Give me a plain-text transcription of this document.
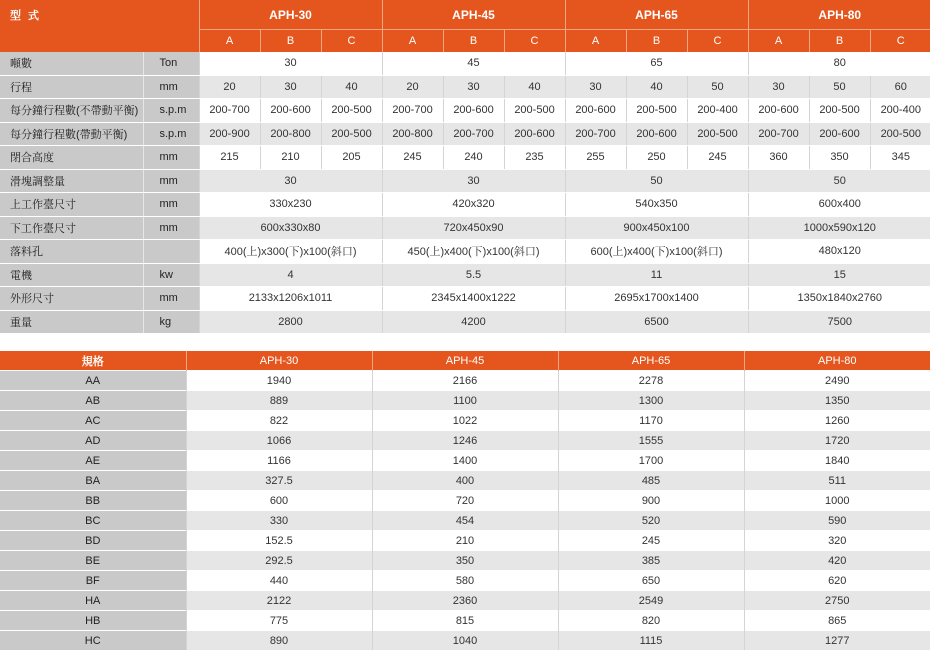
型 式		APH-30			APH-45			APH-65			APH-80		
		A	B	C	A	B	C	A	B	C	A	B	C
噸數	Ton	30			45			65			80		
行程	mm	20	30	40	20	30	40	30	40	50	30	50	60
每分鐘行程數(不帶動平衡)	s.p.m	200-700	200-600	200-500	200-700	200-600	200-500	200-600	200-500	200-400	200-600	200-500	200-400
每分鐘行程數(帶動平衡)	s.p.m	200-900	200-800	200-500	200-800	200-700	200-600	200-700	200-600	200-500	200-700	200-600	200-500
閉合高度	mm	215	210	205	245	240	235	255	250	245	360	350	345
滑塊調整量	mm	30			30			50			50		
上工作臺尺寸	mm	330x230			420x320			540x350			600x400		
下工作臺尺寸	mm	600x330x80			720x450x90			900x450x100			1000x590x120		
落料孔		400(上)x300(下)x100(斜口)			450(上)x400(下)x100(斜口)			600(上)x400(下)x100(斜口)			480x120		
電機	kw	4			5.5			11			15		
外形尺寸	mm	2133x1206x1011			2345x1400x1222			2695x1700x1400			1350x1840x2760		
重量	kg	2800			4200			6500			7500		
規格	APH-30	APH-45	APH-65	APH-80
AA	1940	2166	2278	2490
AB	889	1100	1300	1350
AC	822	1022	1170	1260
AD	1066	1246	1555	1720
AE	1166	1400	1700	1840
BA	327.5	400	485	511
BB	600	720	900	1000
BC	330	454	520	590
BD	152.5	210	245	320
BE	292.5	350	385	420
BF	440	580	650	620
HA	2122	2360	2549	2750
HB	775	815	820	865
HC	890	1040	1115	1277
